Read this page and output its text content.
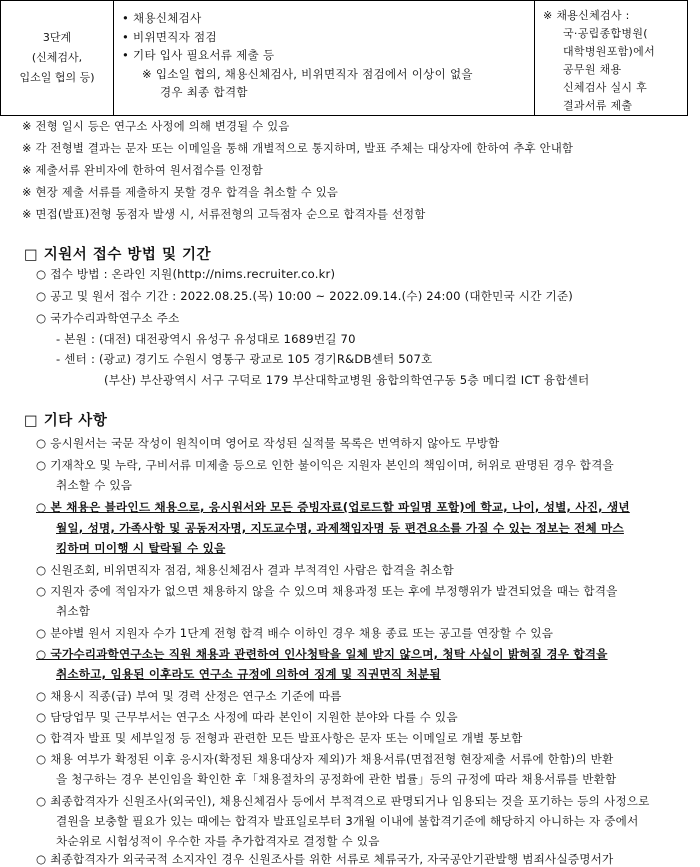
3단계
(신체검사,
입소일 협의 등)

• 채용신체검사
• 비위면직자 점검
• 기타 입사 필요서류 제출 등
※ 입소일 협의, 채용신체검사, 비위면직자 점검에서 이상이 없을
경우 최종 합격함

※ 채용신체검사 :
국·공립종합병원(
대학병원포함)에서
공무원 채용
신체검사 실시 후
결과서류 제출
※ 전형 일시 등은 연구소 사정에 의해 변경될 수 있음
※ 각 전형별 결과는 문자 또는 이메일을 통해 개별적으로 통지하며, 발표 주체는 대상자에 한하여 추후 안내함
※ 제출서류 완비자에 한하여 원서접수를 인정함
※ 현장 제출 서류를 제출하지 못할 경우 합격을 취소할 수 있음
※ 면접(발표)전형 동점자 발생 시, 서류전형의 고득점자 순으로 합격자를 선정함
□ 지원서 접수 방법 및 기간
○ 접수 방법 : 온라인 지원(http://nims.recruiter.co.kr)
○ 공고 및 원서 접수 기간 : 2022.08.25.(목) 10:00 ~ 2022.09.14.(수) 24:00 (대한민국 시간 기준)
○ 국가수리과학연구소 주소
- 본원 : (대전) 대전광역시 유성구 유성대로 1689번길 70
- 센터 : (광교) 경기도 수원시 영통구 광교로 105 경기R&DB센터 507호
(부산) 부산광역시 서구 구덕로 179 부산대학교병원 융합의학연구동 5층 메디컬 ICT 융합센터
□ 기타 사항
○ 응시원서는 국문 작성이 원칙이며 영어로 작성된 실적물 목록은 번역하지 않아도 무방함
○ 기재착오 및 누락, 구비서류 미제출 등으로 인한 불이익은 지원자 본인의 책임이며, 허위로 판명된 경우 합격을
취소할 수 있음
○ 본 채용은 블라인드 채용으로, 응시원서와 모든 증빙자료(업로드할 파일명 포함)에 학교, 나이, 성별, 사진, 생년
월일, 성명, 가족사항 및 공동저자명, 지도교수명, 과제책임자명 등 편견요소를 가질 수 있는 정보는 전체 마스
킹하며 미이행 시 탈락될 수 있음
○ 신원조회, 비위면직자 점검, 채용신체검사 결과 부적격인 사람은 합격을 취소함
○ 지원자 중에 적임자가 없으면 채용하지 않을 수 있으며 채용과정 또는 후에 부정행위가 발견되었을 때는 합격을
취소함
○ 분야별 원서 지원자 수가 1단계 전형 합격 배수 이하인 경우 채용 종료 또는 공고를 연장할 수 있음
○ 국가수리과학연구소는 직원 채용과 관련하여 인사청탁을 일체 받지 않으며, 청탁 사실이 밝혀질 경우 합격을
취소하고, 임용된 이후라도 연구소 규정에 의하여 징계 및 직권면직 처분됨
○ 채용시 직종(급) 부여 및 경력 산정은 연구소 기준에 따름
○ 담당업무 및 근무부서는 연구소 사정에 따라 본인이 지원한 분야와 다를 수 있음
○ 합격자 발표 및 세부일정 등 전형과 관련한 모든 발표사항은 문자 또는 이메일로 개별 통보함
○ 채용 여부가 확정된 이후 응시자(확정된 채용대상자 제외)가 채용서류(면접전형 현장제출 서류에 한함)의 반환
을 청구하는 경우 본인임을 확인한 후「채용절차의 공정화에 관한 법률」등의 규정에 따라 채용서류를 반환함
○ 최종합격자가 신원조사(외국인), 채용신체검사 등에서 부적격으로 판명되거나 임용되는 것을 포기하는 등의 사정으로
결원을 보충할 필요가 있는 때에는 합격자 발표일로부터 3개월 이내에 불합격기준에 해당하지 아니하는 자 중에서
차순위로 시험성적이 우수한 자를 추가합격자로 결정할 수 있음
○ 최종합격자가 외국국적 소지자인 경우 신원조사를 위한 서류로 체류국가, 자국공안기관발행 범죄사실증명서가
